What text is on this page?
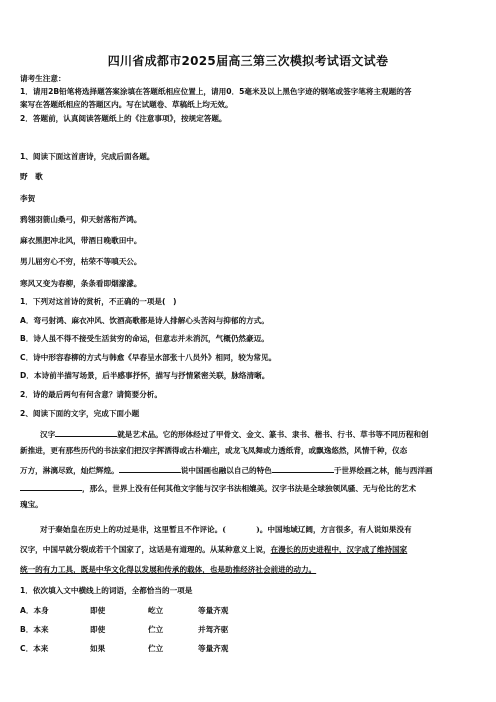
四川省成都市2025届高三第三次模拟考试语文试卷
请考生注意：
1．请用2B铅笔将选择题答案涂填在答题纸相应位置上，请用0．5毫米及以上黑色字迹的钢笔或签字笔将主观题的答
案写在答题纸相应的答题区内。写在试题卷、草稿纸上均无效。
2．答题前，认真阅读答题纸上的《注意事项》，按规定答题。
1、阅读下面这首唐诗，完成后面各题。
野　歌
李贺
鸦翎羽箭山桑弓，仰天射落衔芦鸿。
麻衣黑肥冲北风，带酒日晚歌田中。
男儿屈穷心不穷，枯荣不等嗔天公。
寒风又变为春柳，条条看即烟濛濛。
1．下列对这首诗的赏析，不正确的一项是(　)
A．弯弓射鸿、麻衣冲风、饮酒高歌都是诗人排解心头苦闷与抑郁的方式。
B．诗人虽不得不接受生活贫穷的命运，但意志并未消沉，气概仍然豪迈。
C．诗中形容春柳的方式与韩愈《早春呈水部张十八员外》相同，较为常见。
D．本诗前半描写场景，后半感事抒怀，描写与抒情紧密关联，脉络清晰。
2．诗的最后两句有何含意？请简要分析。
2、阅读下面的文字，完成下面小题
汉字	就是艺术品。它的形体经过了甲骨文、金文、篆书、隶书、楷书、行书、草书等不同历程和创
新推进，更有那些历代的书法家们把汉字挥洒得或古朴端庄，或龙飞凤舞或力透纸背，或飘逸悠然，风情千种，仪态
万方，淋漓尽致，灿烂辉煌。	说中国画也融以自己的特色	于世界绘画之林，能与西洋画
，那么，世界上没有任何其他文字能与汉字书法相媲美。汉字书法是全球独领风骚、无与伦比的艺术
瑰宝。
对于秦始皇在历史上的功过是非，这里暂且不作评论。(　　　　)。中国地域辽阔，方言很多，有人说如果没有
汉字，中国早就分裂成若干个国家了，这话是有道理的。从某种意义上说，在漫长的历史进程中，汉字成了维持国家
统一的有力工具，既是中华文化得以发展和传承的载体，也是助推经济社会前进的动力。
1．依次填入文中横线上的词语，全都恰当的一项是
A．本身	即使	屹立	等量齐观
B．本来	即使	伫立	并驾齐驱
C．本来	如果	伫立	等量齐观
